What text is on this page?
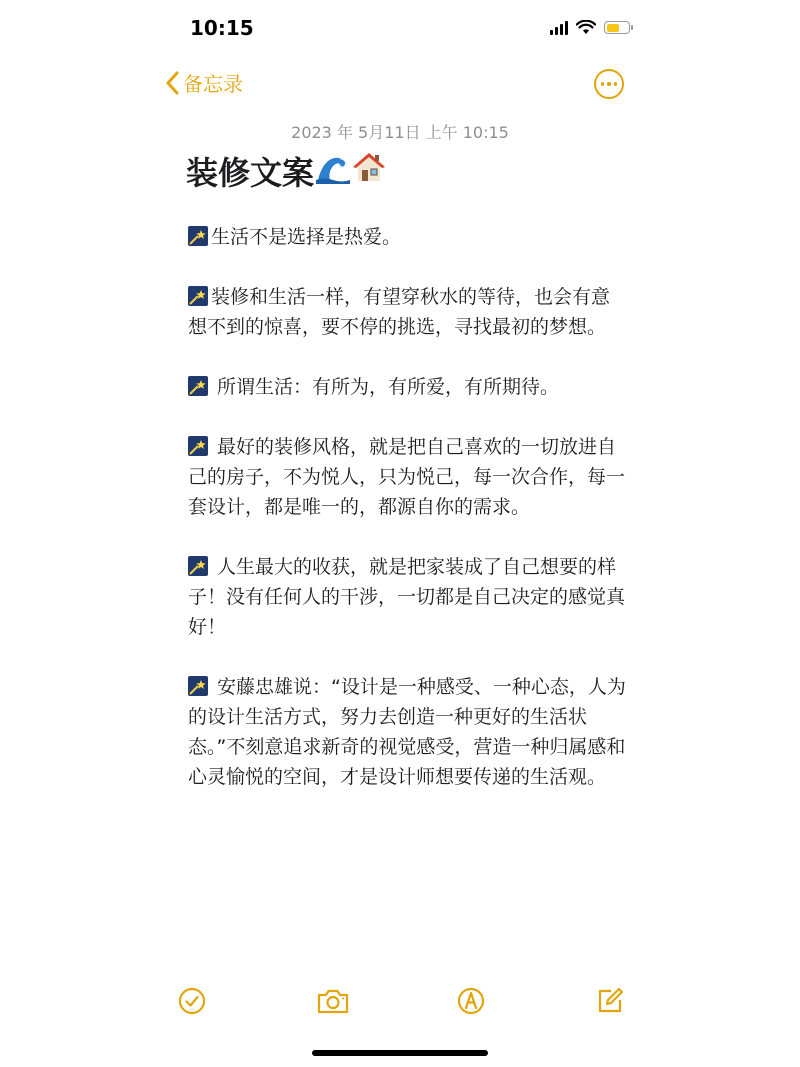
10:15
备忘录
2023 年 5月11日 上午 10:15
装修文案

生活不是选择是热爱。

装修和生活一样，有望穿秋水的等待，也会有意想不到的惊喜，要不停的挑选，寻找最初的梦想。

所谓生活：有所为，有所爱，有所期待。

最好的装修风格，就是把自己喜欢的一切放进自己的房子，不为悦人，只为悦己，每一次合作，每一套设计，都是唯一的，都源自你的需求。

人生最大的收获，就是把家装成了自己想要的样子！没有任何人的干涉，一切都是自己决定的感觉真好！

安藤忠雄说：“设计是一种感受、一种心态，人为的设计生活方式，努力去创造一种更好的生活状态。”不刻意追求新奇的视觉感受，营造一种归属感和心灵愉悦的空间，才是设计师想要传递的生活观。
